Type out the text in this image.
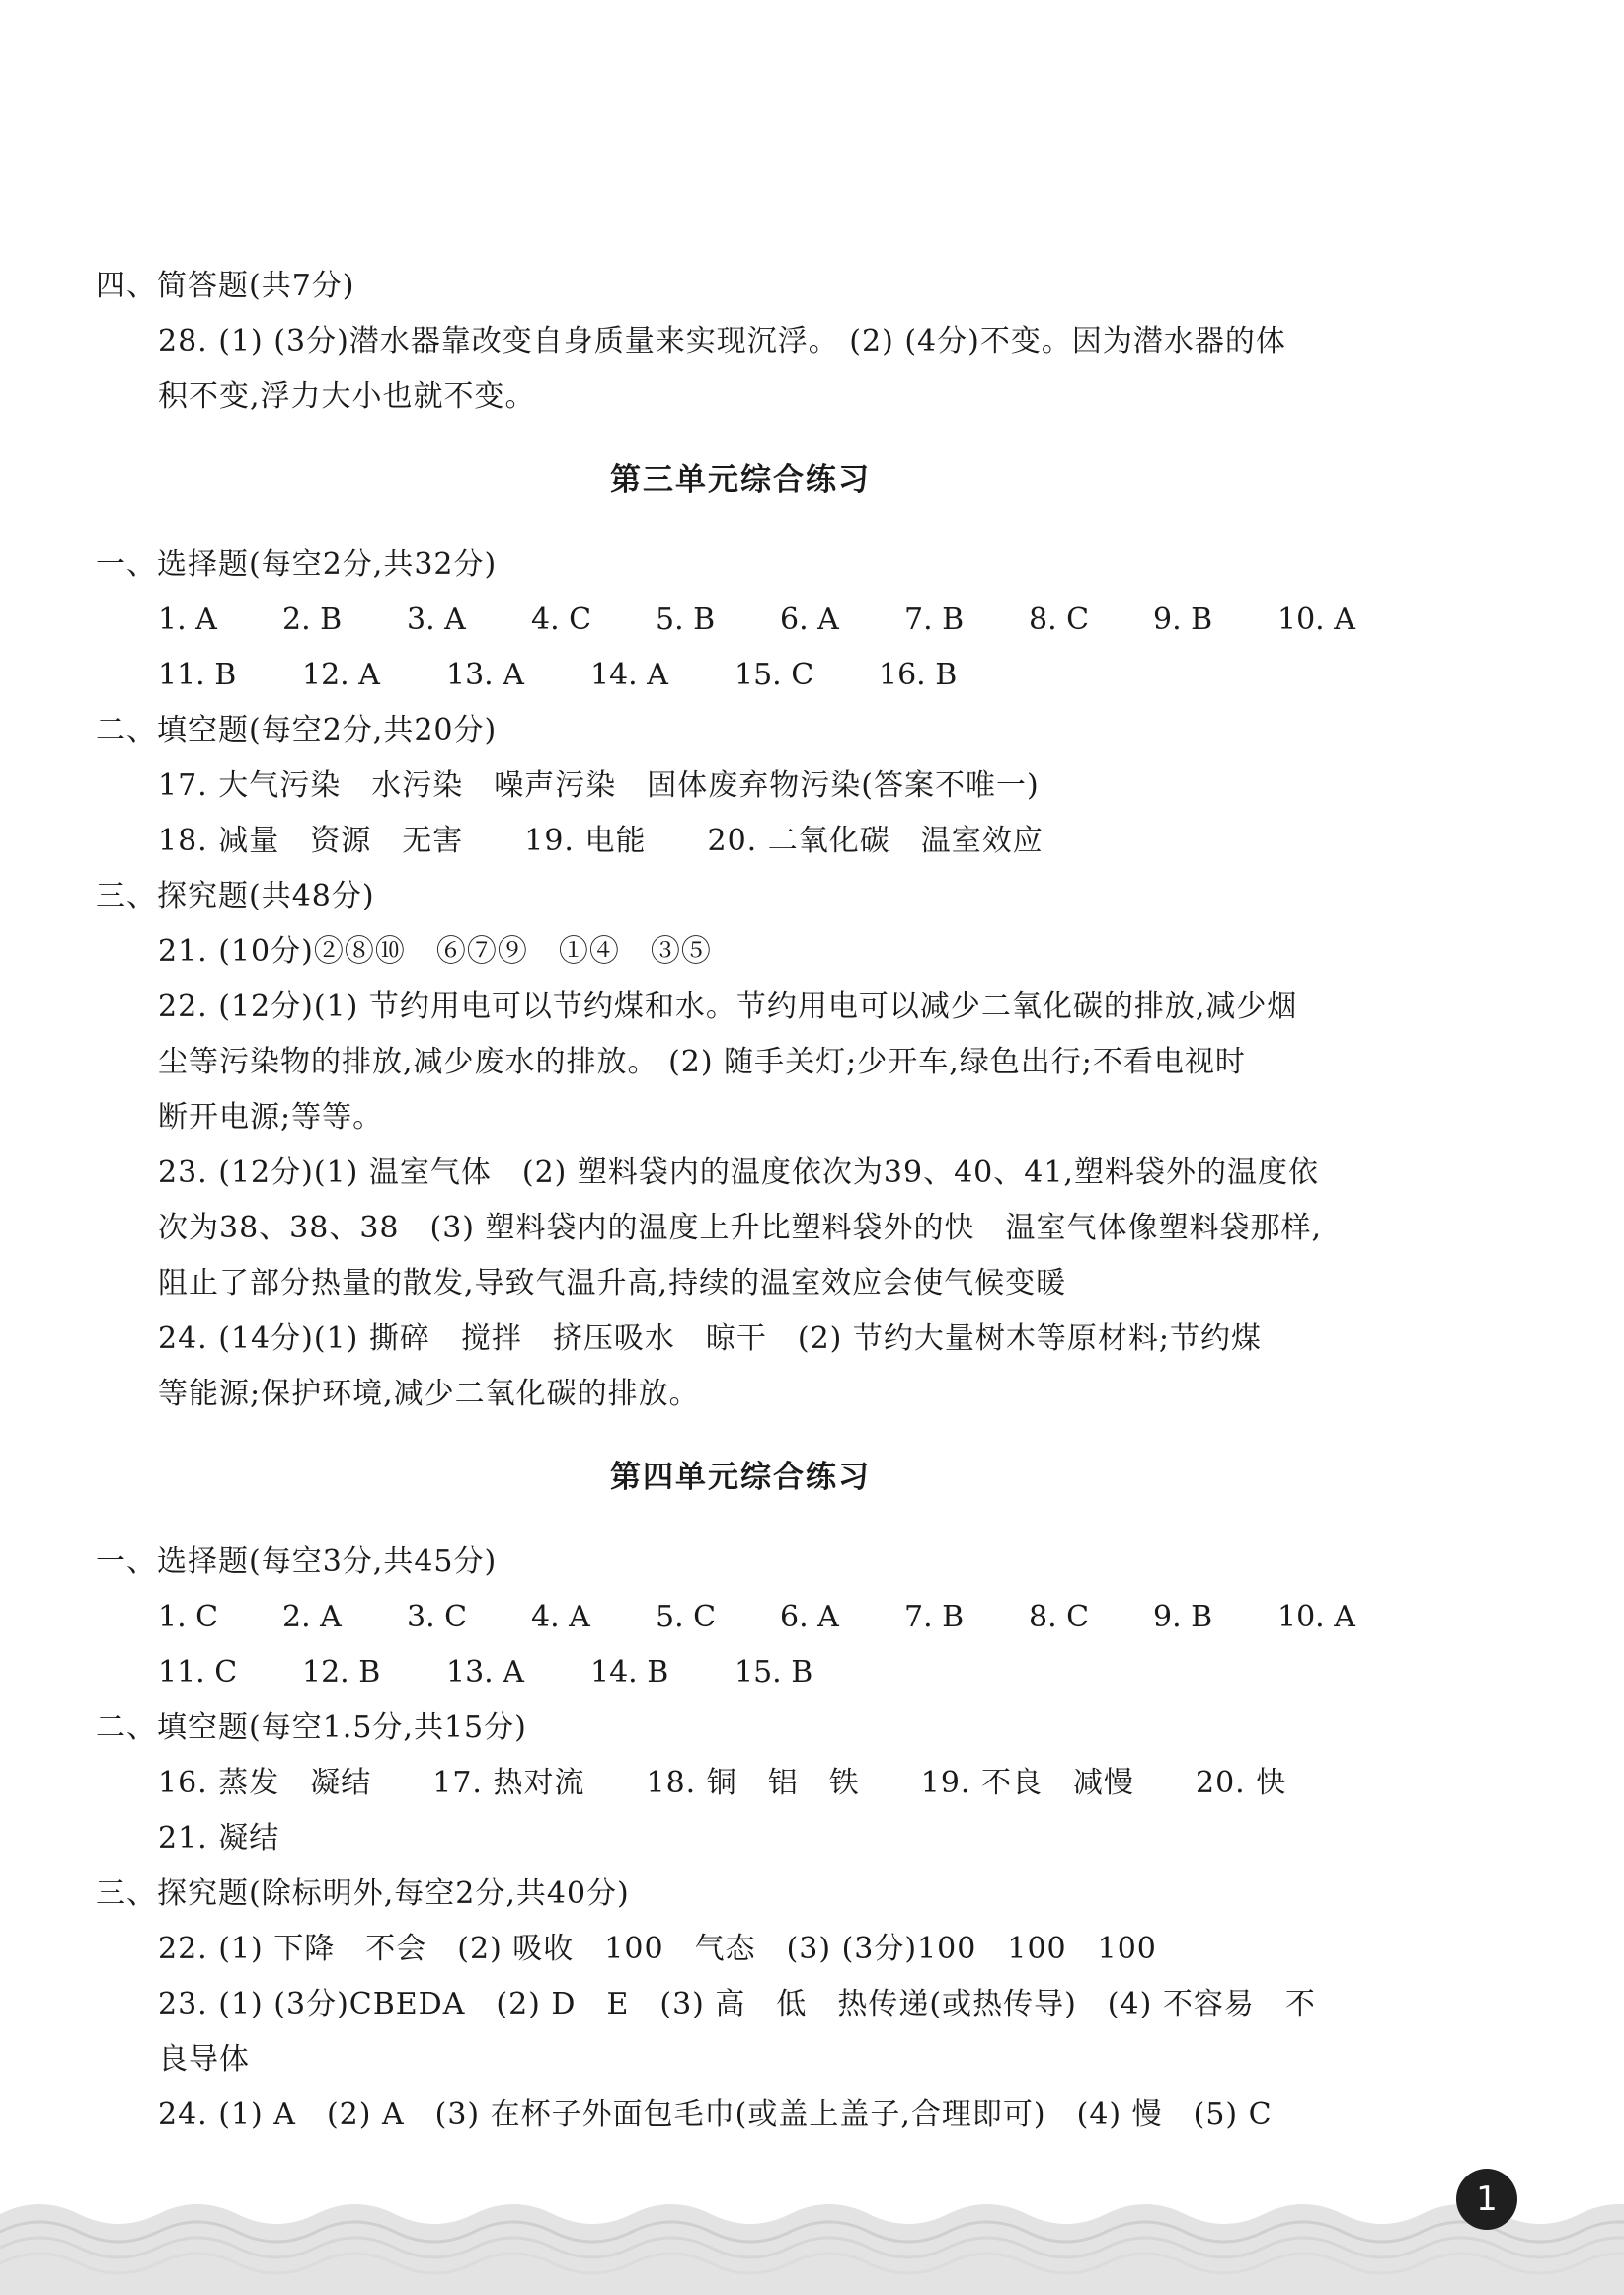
四、简答题(共7分)
28. (1) (3分)潜水器靠改变自身质量来实现沉浮。 (2) (4分)不变。因为潜水器的体
积不变,浮力大小也就不变。
第三单元综合练习
一、选择题(每空2分,共32分)
1. A 2. B 3. A 4. C 5. B 6. A 7. B 8. C 9. B 10. A
11. B 12. A 13. A 14. A 15. C 16. B
二、填空题(每空2分,共20分)
17. 大气污染　水污染　噪声污染　固体废弃物污染(答案不唯一)
18. 减量　资源　无害　　19. 电能　　20. 二氧化碳　温室效应
三、探究题(共48分)
21. (10分)②⑧⑩　⑥⑦⑨　①④　③⑤
22. (12分)(1) 节约用电可以节约煤和水。节约用电可以减少二氧化碳的排放,减少烟
尘等污染物的排放,减少废水的排放。 (2) 随手关灯;少开车,绿色出行;不看电视时
断开电源;等等。
23. (12分)(1) 温室气体　(2) 塑料袋内的温度依次为39、40、41,塑料袋外的温度依
次为38、38、38　(3) 塑料袋内的温度上升比塑料袋外的快　温室气体像塑料袋那样,
阻止了部分热量的散发,导致气温升高,持续的温室效应会使气候变暖
24. (14分)(1) 撕碎　搅拌　挤压吸水　晾干　(2) 节约大量树木等原材料;节约煤
等能源;保护环境,减少二氧化碳的排放。
第四单元综合练习
一、选择题(每空3分,共45分)
1. C 2. A 3. C 4. A 5. C 6. A 7. B 8. C 9. B 10. A
11. C 12. B 13. A 14. B 15. B
二、填空题(每空1.5分,共15分)
16. 蒸发　凝结　　17. 热对流　　18. 铜　铝　铁　　19. 不良　减慢　　20. 快
21. 凝结
三、探究题(除标明外,每空2分,共40分)
22. (1) 下降　不会　(2) 吸收　100　气态　(3) (3分)100　100　100
23. (1) (3分)CBEDA　(2) D　E　(3) 高　低　热传递(或热传导)　(4) 不容易　不
良导体
24. (1) A　(2) A　(3) 在杯子外面包毛巾(或盖上盖子,合理即可)　(4) 慢　(5) C
1
